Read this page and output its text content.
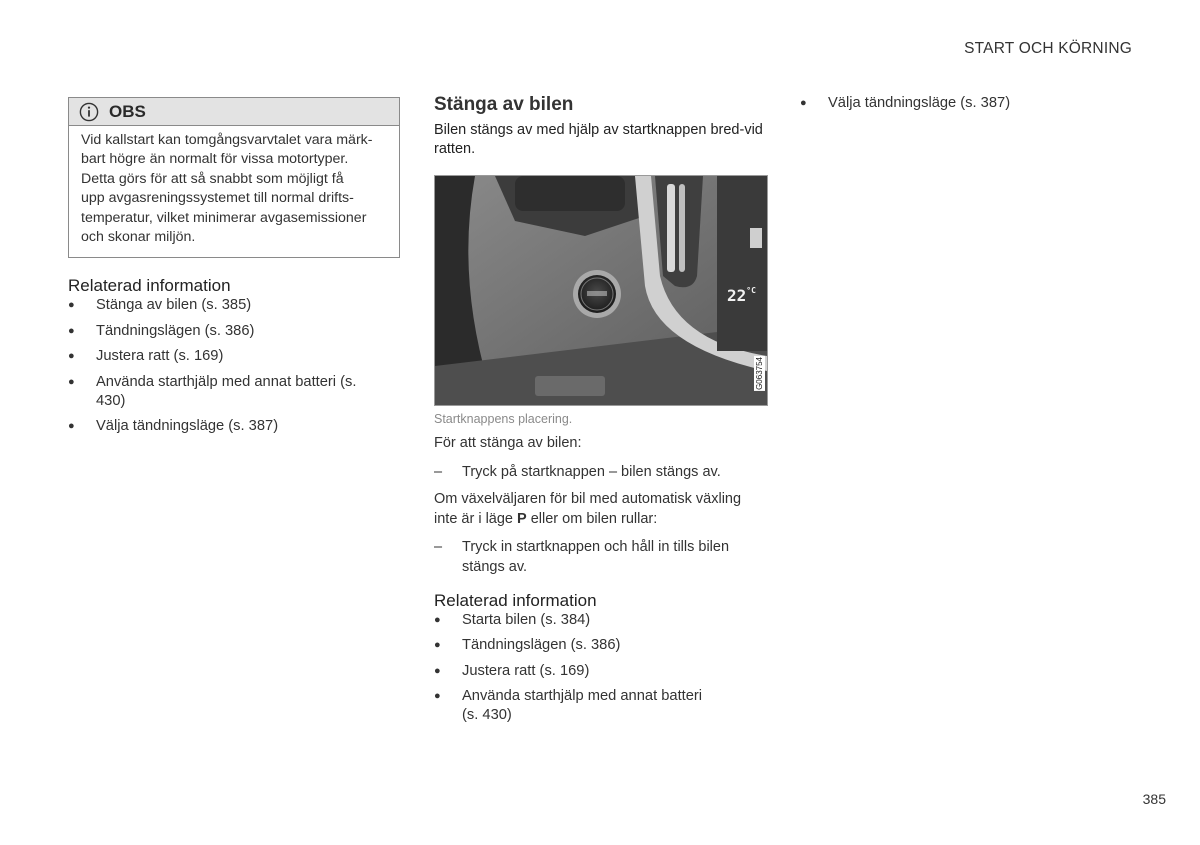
START OCH KÖRNING
OBS
Vid kallstart kan tomgångsvarvtalet vara märk-
bart högre än normalt för vissa motortyper.
Detta görs för att så snabbt som möjligt få
upp avgasreningssystemet till normal drifts-
temperatur, vilket minimerar avgasemissioner
och skonar miljön.
Relaterad information
● Stänga av bilen (s. 385)
● Tändningslägen (s. 386)
● Justera ratt (s. 169)
● Använda starthjälp med annat batteri (s. 430)
● Välja tändningsläge (s. 387)
Stänga av bilen
Bilen stängs av med hjälp av startknappen bred-vid ratten.
$22^{^\circ C}$
G063754
Startknappens placering.

För att stänga av bilen:

– Tryck på startknappen – bilen stängs av.

Om växelväljaren för bil med automatisk växling inte är i läge P eller om bilen rullar:

– Tryck in startknappen och håll in tills bilen stängs av.
Relaterad information
● Starta bilen (s. 384)
● Tändningslägen (s. 386)
● Justera ratt (s. 169)
● Använda starthjälp med annat batteri (s. 430)
● Välja tändningsläge (s. 387)
385
